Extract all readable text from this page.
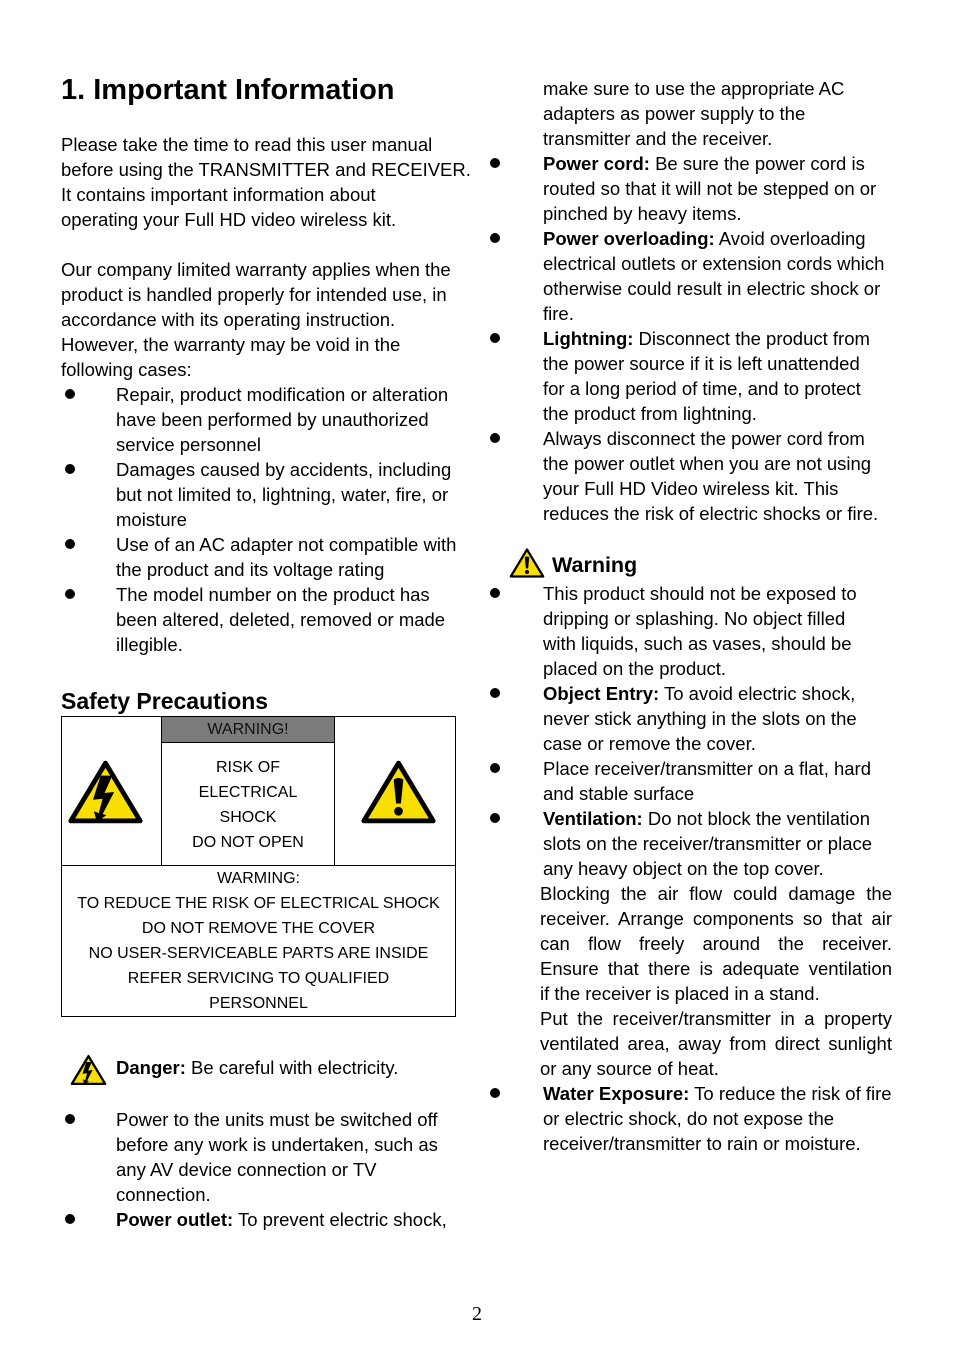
1. Important Information

Please take the time to read this user manual
before using the TRANSMITTER and RECEIVER.
It contains important information about
operating your Full HD video wireless kit.

Our company limited warranty applies when the
product is handled properly for intended use, in
accordance with its operating instruction.
However, the warranty may be void in the
following cases:

Repair, product modification or alteration
have been performed by unauthorized
service personnel
Damages caused by accidents, including
but not limited to, lightning, water, fire, or
moisture
Use of an AC adapter not compatible with
the product and its voltage rating
The model number on the product has
been altered, deleted, removed or made
illegible.
Safety Precautions
WARNING!
RISK OF
ELECTRICAL
SHOCK
DO NOT OPEN
WARMING:
TO REDUCE THE RISK OF ELECTRICAL SHOCK
DO NOT REMOVE THE COVER
NO USER-SERVICEABLE PARTS ARE INSIDE
REFER SERVICING TO QUALIFIED
PERSONNEL

Danger: Be careful with electricity.

Power to the units must be switched off
before any work is undertaken, such as
any AV device connection or TV
connection.
Power outlet: To prevent electric shock,

make sure to use the appropriate AC
adapters as power supply to the
transmitter and the receiver.

Power cord: Be sure the power cord is
routed so that it will not be stepped on or
pinched by heavy items.
Power overloading: Avoid overloading
electrical outlets or extension cords which
otherwise could result in electric shock or
fire.
Lightning: Disconnect the product from
the power source if it is left unattended
for a long period of time, and to protect
the product from lightning.
Always disconnect the power cord from
the power outlet when you are not using
your Full HD Video wireless kit. This
reduces the risk of electric shocks or fire.
Warning
This product should not be exposed to
dripping or splashing. No object filled
with liquids, such as vases, should be
placed on the product.
Object Entry: To avoid electric shock,
never stick anything in the slots on the
case or remove the cover.
Place receiver/transmitter on a flat, hard
and stable surface
Ventilation: Do not block the ventilation
slots on the receiver/transmitter or place
any heavy object on the top cover.
Blocking the air flow could damage the
receiver. Arrange components so that air
can flow freely around the receiver.
Ensure that there is adequate ventilation
if the receiver is placed in a stand.
Put the receiver/transmitter in a property
ventilated area, away from direct sunlight
or any source of heat.
Water Exposure: To reduce the risk of fire
or electric shock, do not expose the
receiver/transmitter to rain or moisture.
2
